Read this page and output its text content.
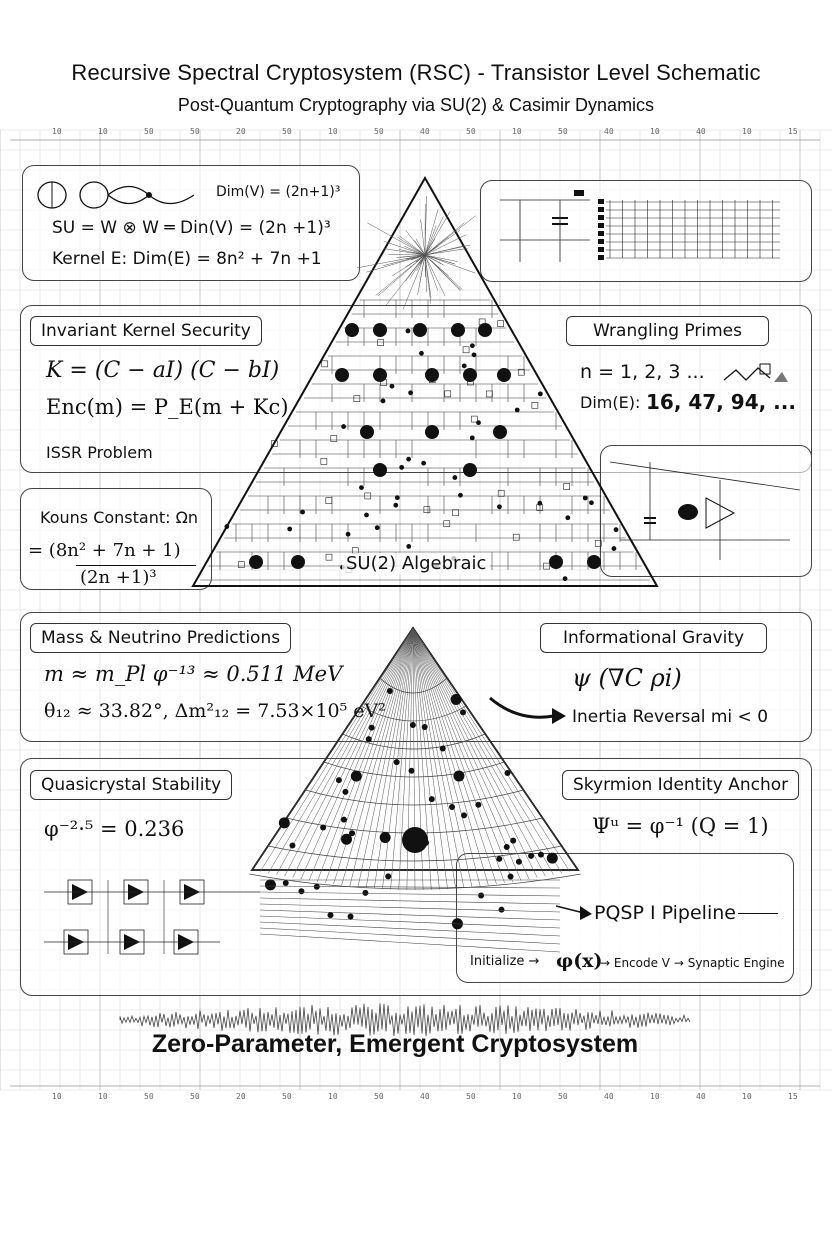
Recursive Spectral Cryptosystem (RSC) - Transistor Level Schematic
Post-Quantum Cryptography via SU(2) & Casimir Dynamics
Dim(V) = (2n+1)³
SU = W ⊗ W ═ Din(V) = (2n +1)³
Kernel E: Dim(E) = 8n² + 7n +1
Invariant Kernel Security
K = (C − aI) (C − bI)
Enc(m) = P_E(m + Kc)
ISSR Problem
Wrangling Primes
n = 1, 2, 3 ...
Dim(E): 16, 47, 94, ...
Kouns Constant: Ωn
= (8n² + 7n + 1)
(2n +1)³
SU(2) Algebraic
Mass & Neutrino Predictions
m ≈ m_Pl φ⁻¹³ ≈ 0.511 MeV
θ₁₂ ≈ 33.82°, Δm²₁₂ = 7.53×10⁵ eV²
Informational Gravity
ψ (∇C ρi)
Inertia Reversal mi < 0
Quasicrystal Stability
φ⁻²·⁵ = 0.236
Skyrmion Identity Anchor
Ψᵘ = φ⁻¹ (Q = 1)
PQSP I Pipeline
Initialize → φ(x)
→ Encode V → Synaptic Engine
Zero-Parameter, Emergent Cryptosystem
10
10
10
10
50
50
50
50
20
20
50
50
10
10
50
50
40
40
50
50
10
10
50
50
40
40
10
10
40
40
10
10
15
15
